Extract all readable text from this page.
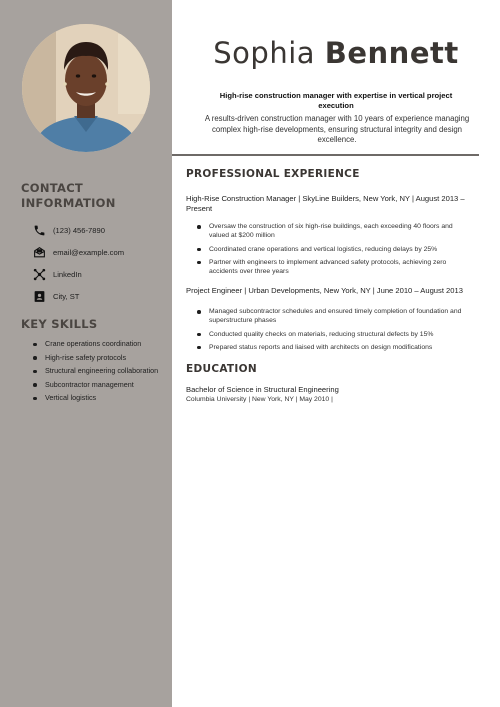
CONTACT INFORMATION
(123) 456-7890
email@example.com
LinkedIn
City, ST
KEY SKILLS
Crane operations coordination
High-rise safety protocols
Structural engineering collaboration
Subcontractor management
Vertical logistics
Sophia Bennett
High-rise construction manager with expertise in vertical project execution
A results-driven construction manager with 10 years of experience managing complex high-rise developments, ensuring structural integrity and design excellence.
PROFESSIONAL EXPERIENCE
High-Rise Construction Manager | SkyLine Builders, New York, NY | August 2013 – Present
Oversaw the construction of six high-rise buildings, each exceeding 40 floors and valued at $200 million
Coordinated crane operations and vertical logistics, reducing delays by 25%
Partner with engineers to implement advanced safety protocols, achieving zero accidents over three years
Project Engineer | Urban Developments, New York, NY | June 2010 – August 2013
Managed subcontractor schedules and ensured timely completion of foundation and superstructure phases
Conducted quality checks on materials, reducing structural defects by 15%
Prepared status reports and liaised with architects on design modifications
EDUCATION
Bachelor of Science in Structural Engineering
Columbia University | New York, NY | May 2010 |
